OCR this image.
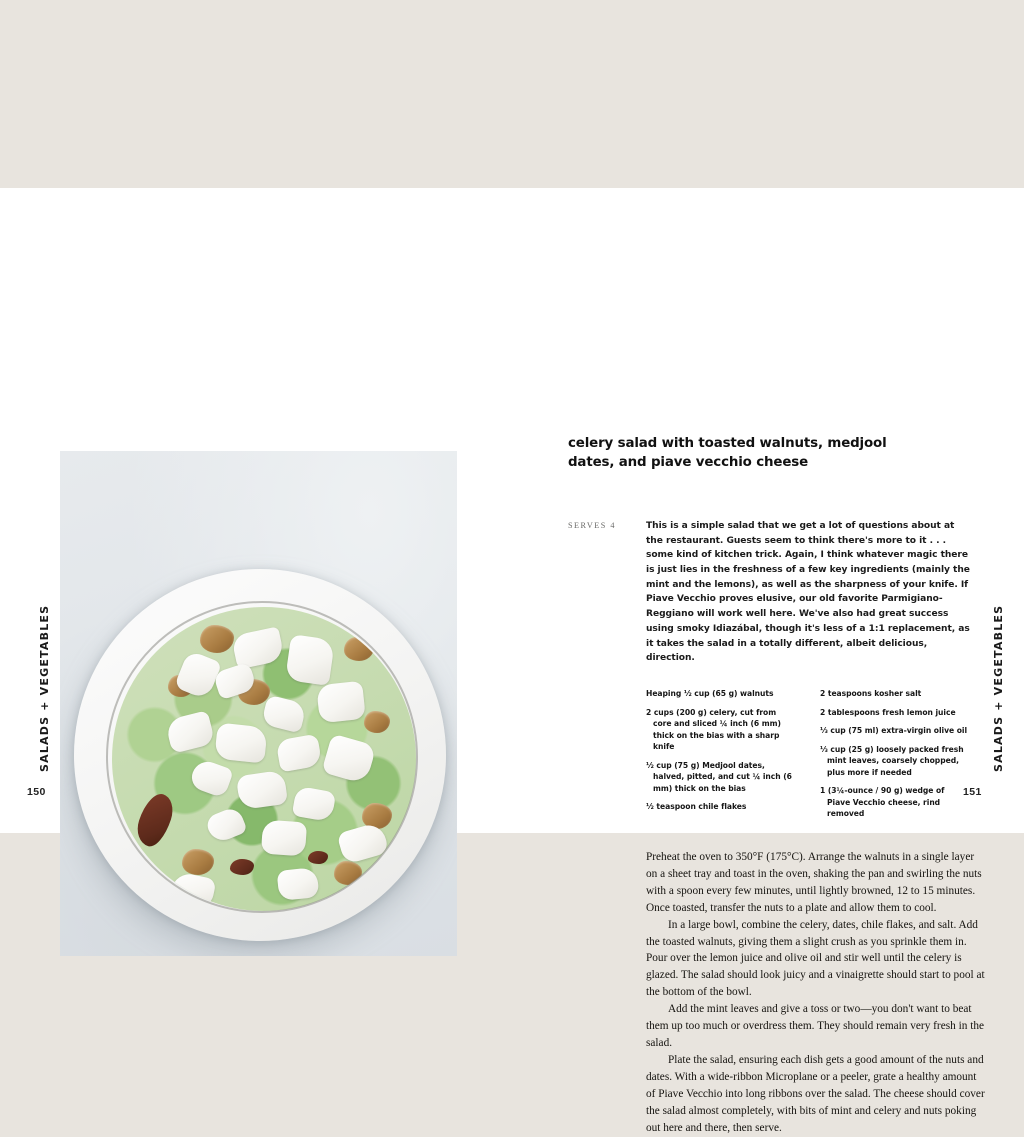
celery salad with toasted walnuts, medjool dates, and piave vecchio cheese
SERVES 4	This is a simple salad that we get a lot of questions about at the restaurant. Guests seem to think there's more to it . . . some kind of kitchen trick. Again, I think whatever magic there is just lies in the freshness of a few key ingredients (mainly the mint and the lemons), as well as the sharpness of your knife. If Piave Vecchio proves elusive, our old favorite Parmigiano-Reggiano will work well here. We've also had great success using smoky Idiazábal, though it's less of a 1:1 replacement, as it takes the salad in a totally different, albeit delicious, direction.
Heaping ½ cup (65 g) walnuts
2 cups (200 g) celery, cut from core and sliced ¼ inch (6 mm) thick on the bias with a sharp knife
½ cup (75 g) Medjool dates, halved, pitted, and cut ¼ inch (6 mm) thick on the bias
½ teaspoon chile flakes
2 teaspoons kosher salt
2 tablespoons fresh lemon juice
⅓ cup (75 ml) extra-virgin olive oil
⅓ cup (25 g) loosely packed fresh mint leaves, coarsely chopped, plus more if needed
1 (3¼-ounce / 90 g) wedge of Piave Vecchio cheese, rind removed

Preheat the oven to 350°F (175°C). Arrange the walnuts in a single layer on a sheet tray and toast in the oven, shaking the pan and swirling the nuts with a spoon every few minutes, until lightly browned, 12 to 15 minutes. Once toasted, transfer the nuts to a plate and allow them to cool.

In a large bowl, combine the celery, dates, chile flakes, and salt. Add the toasted walnuts, giving them a slight crush as you sprinkle them in. Pour over the lemon juice and olive oil and stir well until the celery is glazed. The salad should look juicy and a vinaigrette should start to pool at the bottom of the bowl.

Add the mint leaves and give a toss or two—you don't want to beat them up too much or overdress them. They should remain very fresh in the salad.

Plate the salad, ensuring each dish gets a good amount of the nuts and dates. With a wide-ribbon Microplane or a peeler, grate a healthy amount of Piave Vecchio into long ribbons over the salad. The cheese should cover the salad almost completely, with bits of mint and celery and nuts poking out here and there, then serve.

SALADS + VEGETABLES	SALADS + VEGETABLES
150	151
